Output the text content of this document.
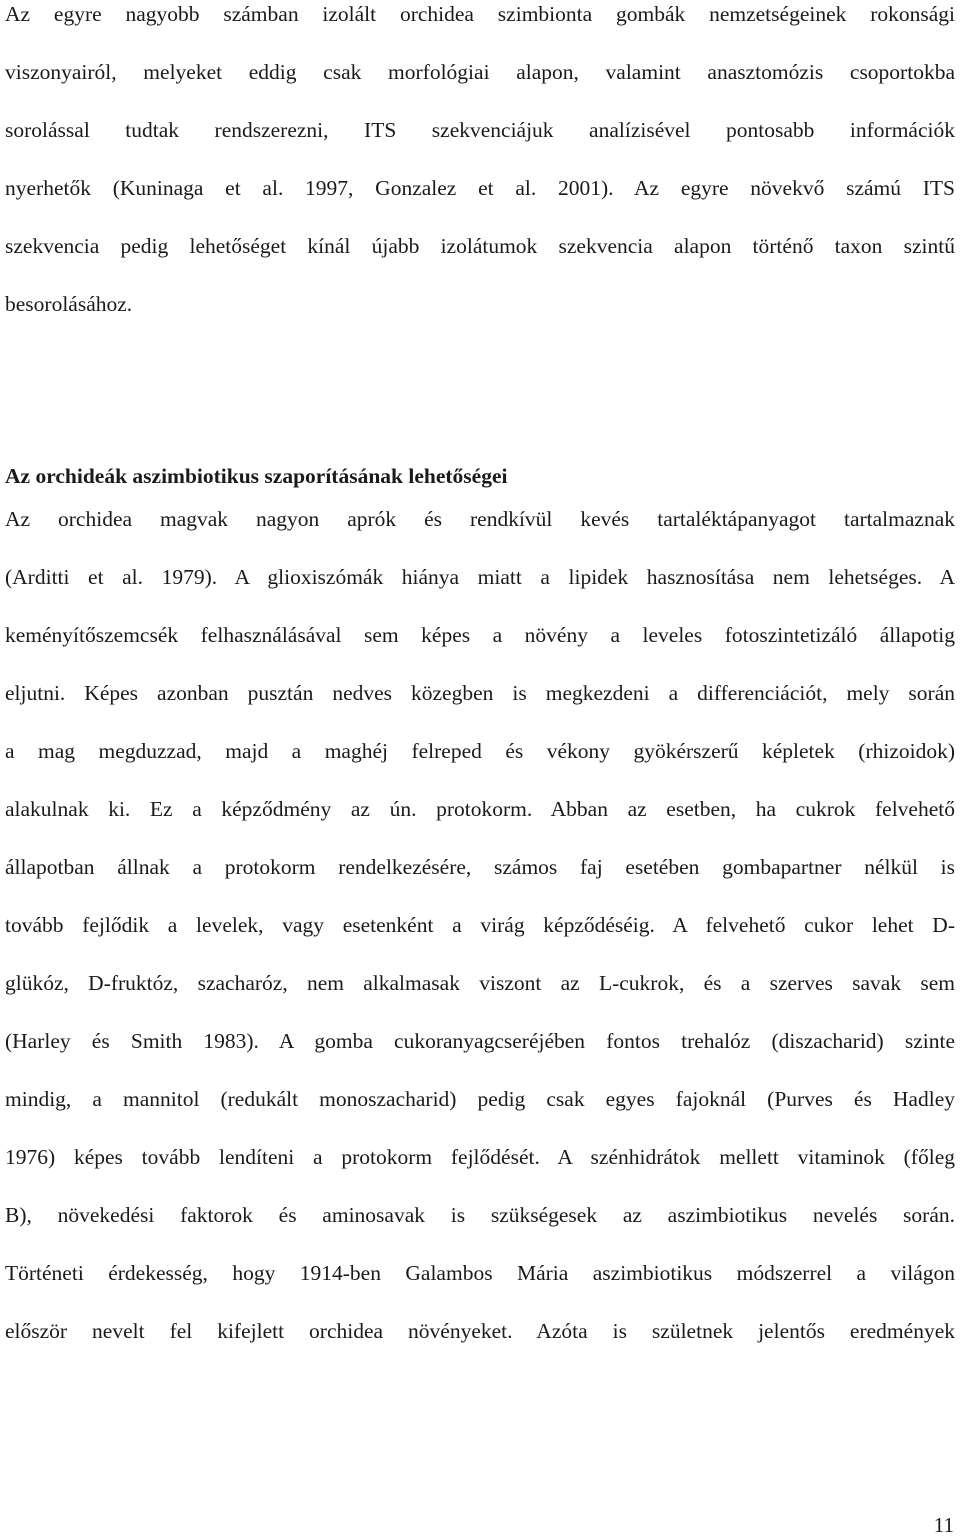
Az egyre nagyobb számban izolált orchidea szimbionta gombák nemzetségeinek rokonsági
viszonyairól, melyeket eddig csak morfológiai alapon, valamint anasztomózis csoportokba
sorolással tudtak rendszerezni, ITS szekvenciájuk analízisével pontosabb információk
nyerhetők (Kuninaga et al. 1997, Gonzalez et al. 2001). Az egyre növekvő számú ITS
szekvencia pedig lehetőséget kínál újabb izolátumok szekvencia alapon történő taxon szintű
besorolásához.
Az orchideák aszimbiotikus szaporításának lehetőségei
Az orchidea magvak nagyon aprók és rendkívül kevés tartaléktápanyagot tartalmaznak
(Arditti et al. 1979). A glioxiszómák hiánya miatt a lipidek hasznosítása nem lehetséges. A
keményítőszemcsék felhasználásával sem képes a növény a leveles fotoszintetizáló állapotig
eljutni. Képes azonban pusztán nedves közegben is megkezdeni a differenciációt, mely során
a mag megduzzad, majd a maghéj felreped és vékony gyökérszerű képletek (rhizoidok)
alakulnak ki. Ez a képződmény az ún. protokorm. Abban az esetben, ha cukrok felvehető
állapotban állnak a protokorm rendelkezésére, számos faj esetében gombapartner nélkül is
tovább fejlődik a levelek, vagy esetenként a virág képződéséig. A felvehető cukor lehet D-
glükóz, D-fruktóz, szacharóz, nem alkalmasak viszont az L-cukrok, és a szerves savak sem
(Harley és Smith 1983). A gomba cukoranyagcseréjében fontos trehalóz (diszacharid) szinte
mindig, a mannitol (redukált monoszacharid) pedig csak egyes fajoknál (Purves és Hadley
1976) képes tovább lendíteni a protokorm fejlődését. A szénhidrátok mellett vitaminok (főleg
B), növekedési faktorok és aminosavak is szükségesek az aszimbiotikus nevelés során.
Történeti érdekesség, hogy 1914-ben Galambos Mária aszimbiotikus módszerrel a világon
először nevelt fel kifejlett orchidea növényeket. Azóta is születnek jelentős eredmények

11
